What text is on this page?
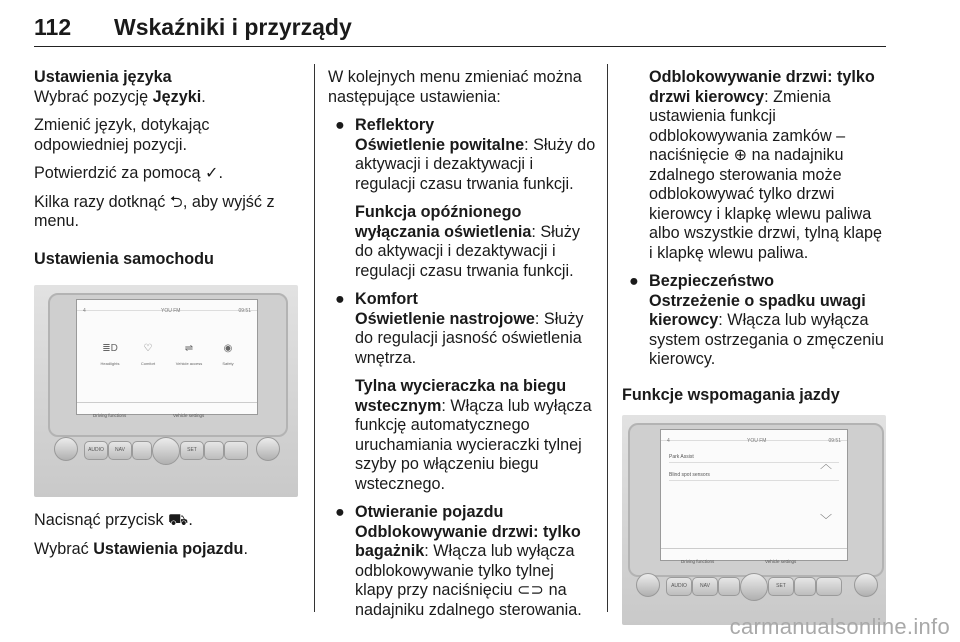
112 Wskaźniki i przyrządy
Ustawienia języka

Wybrać pozycję Języki.

Zmienić język, dotykając odpowiedniej pozycji.

Potwierdzić za pomocą ✓.

Kilka razy dotknąć ⮌, aby wyjść z menu.

Ustawienia samochodu
4	YOU FM	09:51
≣D
Headlights
♡
Comfort
⇌
Vehicle access
◉
Safety
Driving functions	Vehicle settings
AUDIO	NAV	SET

Nacisnąć przycisk ⛟.

Wybrać Ustawienia pojazdu.

W kolejnych menu zmieniać można następujące ustawienia:

● Reflektory

Oświetlenie powitalne: Służy do aktywacji i dezaktywacji i regulacji czasu trwania funkcji.

Funkcja opóźnionego wyłączania oświetlenia: Służy do aktywacji i dezaktywacji i regulacji czasu trwania funkcji.

● Komfort

Oświetlenie nastrojowe: Służy do regulacji jasność oświetlenia wnętrza.

Tylna wycieraczka na biegu wstecznym: Włącza lub wyłącza funkcję automatycznego uruchamiania wycieraczki tylnej szyby po włączeniu biegu wstecznego.

● Otwieranie pojazdu

Odblokowywanie drzwi: tylko bagażnik: Włącza lub wyłącza odblokowywanie tylko tylnej klapy przy naciśnięciu ⊂⊃ na nadajniku zdalnego sterowania.

Odblokowywanie drzwi: tylko drzwi kierowcy: Zmienia ustawienia funkcji odblokowywania zamków – naciśnięcie ⊕ na nadajniku zdalnego sterowania może odblokowywać tylko drzwi kierowcy i klapkę wlewu paliwa albo wszystkie drzwi, tylną klapę i klapkę wlewu paliwa.

● Bezpieczeństwo

Ostrzeżenie o spadku uwagi kierowcy: Włącza lub wyłącza system ostrzegania o zmęczeniu kierowcy.

Funkcje wspomagania jazdy
4	YOU FM	09:51
Park Assist
Blind spot sensors
Driving functions	Vehicle settings
︿
﹀
AUDIO	NAV	SET
carmanualsonline.info
